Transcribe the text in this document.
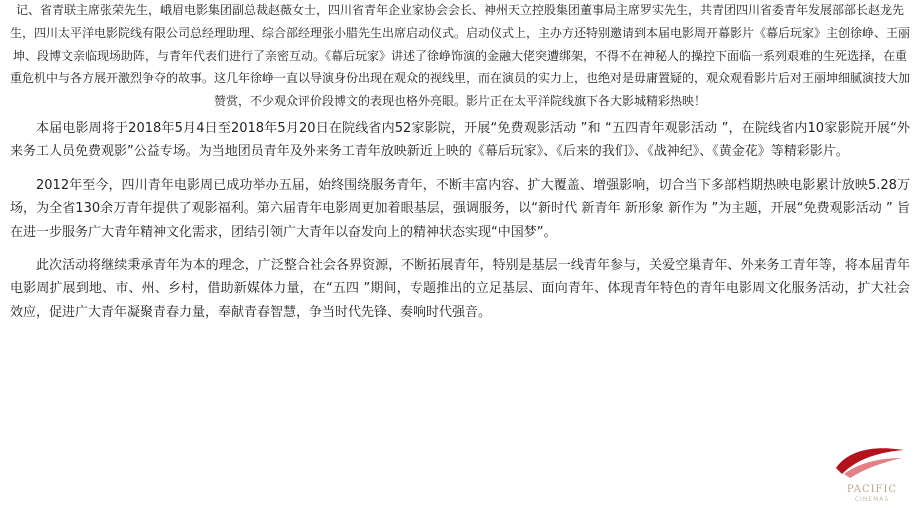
记、省青联主席张荣先生，峨眉电影集团副总裁赵薇女士，四川省青年企业家协会会长、神州天立控股集团董事局主席罗实先生，共青团四川省委青年发展部部长赵龙先生，四川太平洋电影院线有限公司总经理助理、综合部经理张小腊先生出席启动仪式。启动仪式上，主办方还特别邀请到本届电影周开幕影片《幕后玩家》主创徐峥、王丽坤、段博文亲临现场助阵，与青年代表们进行了亲密互动。《幕后玩家》讲述了徐峥饰演的金融大佬突遭绑架，不得不在神秘人的操控下面临一系列艰难的生死选择，在重重危机中与各方展开激烈争夺的故事。这几年徐峥一直以导演身份出现在观众的视线里，而在演员的实力上，也绝对是毋庸置疑的，观众观看影片后对王丽坤细腻演技大加赞赏，不少观众评价段博文的表现也格外亮眼。影片正在太平洋院线旗下各大影城精彩热映！

本届电影周将于2018年5月4日至2018年5月20日在院线省内52家影院，开展“免费观影活动 ”和 “五四青年观影活动 ”，在院线省内10家影院开展“外来务工人员免费观影”公益专场。为当地团员青年及外来务工青年放映新近上映的《幕后玩家》、《后来的我们》、《战神纪》、《黄金花》等精彩影片。

2012年至今，四川青年电影周已成功举办五届，始终围绕服务青年，不断丰富内容、扩大覆盖、增强影响，切合当下多部档期热映电影累计放映5.28万场，为全省130余万青年提供了观影福利。第六届青年电影周更加着眼基层，强调服务，以“新时代 新青年 新形象 新作为 ”为主题，开展“免费观影活动 ” 旨在进一步服务广大青年精神文化需求，团结引领广大青年以奋发向上的精神状态实现“中国梦”。

此次活动将继续秉承青年为本的理念，广泛整合社会各界资源，不断拓展青年，特别是基层一线青年参与，关爱空巢青年、外来务工青年等，将本届青年电影周扩展到地、市、州、乡村，借助新媒体力量，在“五四 ”期间，专题推出的立足基层、面向青年、体现青年特色的青年电影周文化服务活动，扩大社会效应，促进广大青年凝聚青春力量，奉献青春智慧，争当时代先锋、奏响时代强音。

PACIFIC
CINEMAS
